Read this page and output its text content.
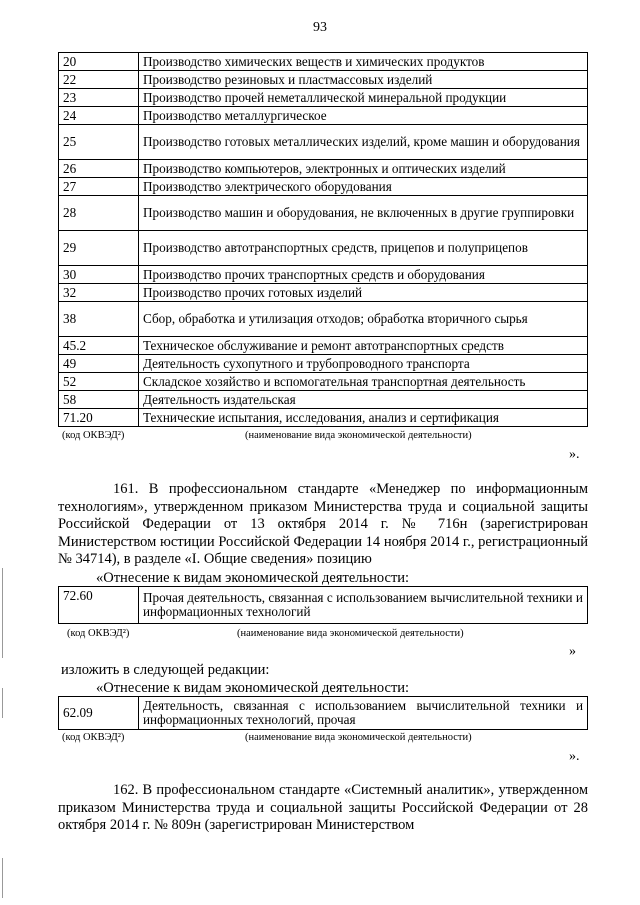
93
20	Производство химических веществ и химических продуктов
22	Производство резиновых и пластмассовых изделий
23	Производство прочей неметаллической минеральной продукции
24	Производство металлургическое
25	Производство готовых металлических изделий, кроме машин и оборудования
26	Производство компьютеров, электронных и оптических изделий
27	Производство электрического оборудования
28	Производство машин и оборудования, не включенных в другие группировки
29	Производство автотранспортных средств, прицепов и полуприцепов
30	Производство прочих транспортных средств и оборудования
32	Производство прочих готовых изделий
38	Сбор, обработка и утилизация отходов; обработка вторичного сырья
45.2	Техническое обслуживание и ремонт автотранспортных средств
49	Деятельность сухопутного и трубопроводного транспорта
52	Складское хозяйство и вспомогательная транспортная деятельность
58	Деятельность издательская
71.20	Технические испытания, исследования, анализ и сертификация
(код ОКВЭД²)	(наименование вида экономической деятельности)
».

161. В профессиональном стандарте «Менеджер по информационным технологиям», утвержденном приказом Министерства труда и социальной защиты Российской Федерации от 13 октября 2014 г. № 716н (зарегистрирован Министерством юстиции Российской Федерации 14 ноября 2014 г., регистрационный № 34714), в разделе «I. Общие сведения» позицию

«Отнесение к видам экономической деятельности:
72.60	Прочая деятельность, связанная с использованием вычислительной техники и информационных технологий
(код ОКВЭД²)	(наименование вида экономической деятельности)
»
изложить в следующей редакции:
«Отнесение к видам экономической деятельности:
62.09	Деятельность, связанная с использованием вычислительной техники и информационных технологий, прочая
(код ОКВЭД²)	(наименование вида экономической деятельности)
».

162. В профессиональном стандарте «Системный аналитик», утвержденном приказом Министерства труда и социальной защиты Российской Федерации от 28 октября 2014 г. № 809н (зарегистрирован Министерством
